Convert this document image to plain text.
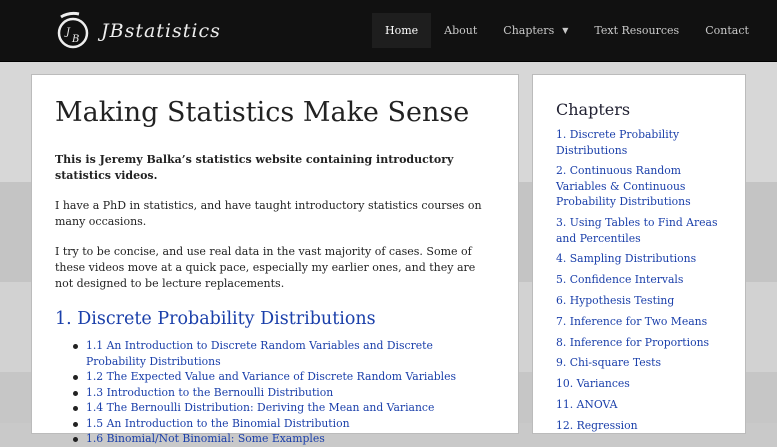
J
B JBstatistics	Home	About	Chapters ▼	Text Resources	Contact
Making Statistics Make Sense

This is Jeremy Balka’s statistics website containing introductory statistics videos.

I have a PhD in statistics, and have taught introductory statistics courses on many occasions.

I try to be concise, and use real data in the vast majority of cases. Some of these videos move at a quick pace, especially my earlier ones, and they are not designed to be lecture replacements.

1. Discrete Probability Distributions
1.1 An Introduction to Discrete Random Variables and Discrete Probability Distributions
1.2 The Expected Value and Variance of Discrete Random Variables
1.3 Introduction to the Bernoulli Distribution
1.4 The Bernoulli Distribution: Deriving the Mean and Variance
1.5 An Introduction to the Binomial Distribution
1.6 Binomial/Not Binomial: Some Examples
Chapters
1. Discrete Probability Distributions
2. Continuous Random Variables & Continuous Probability Distributions
3. Using Tables to Find Areas and Percentiles
4. Sampling Distributions
5. Confidence Intervals
6. Hypothesis Testing
7. Inference for Two Means
8. Inference for Proportions
9. Chi-square Tests
10. Variances
11. ANOVA
12. Regression
